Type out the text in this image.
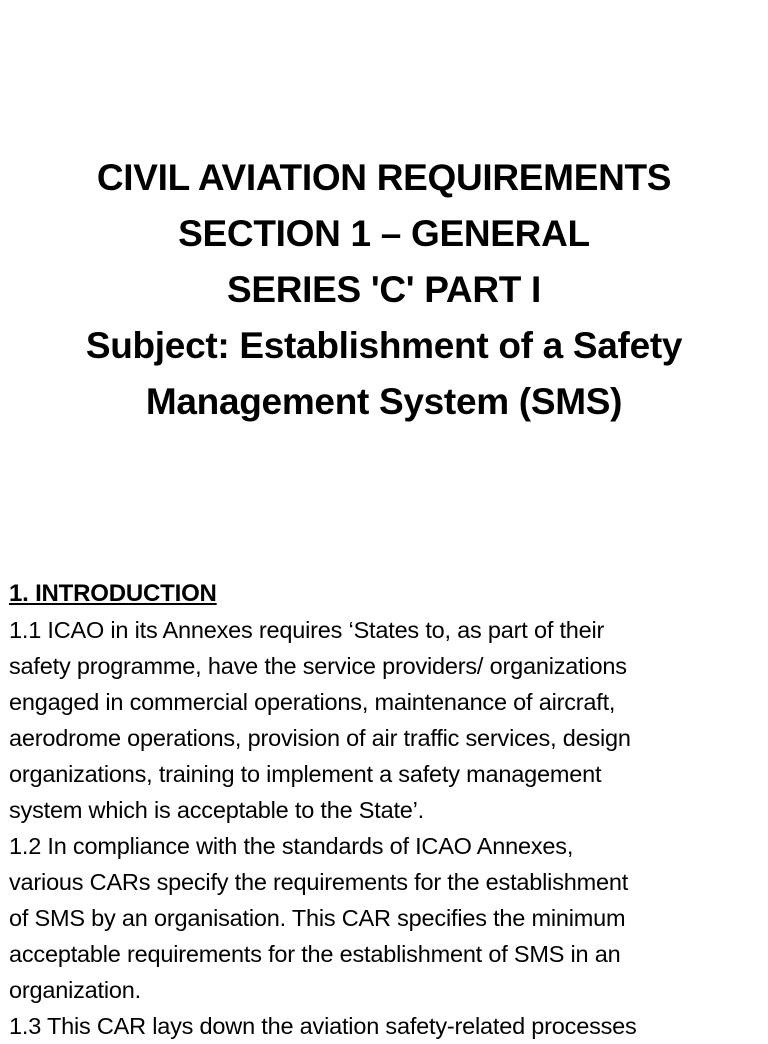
CIVIL AVIATION REQUIREMENTS
SECTION 1 – GENERAL
SERIES 'C' PART I
Subject: Establishment of a Safety
Management System (SMS)
1. INTRODUCTION
1.1 ICAO in its Annexes requires ‘States to, as part of their
safety programme, have the service providers/ organizations
engaged in commercial operations, maintenance of aircraft,
aerodrome operations, provision of air traffic services, design
organizations, training to implement a safety management
system which is acceptable to the State’.
1.2 In compliance with the standards of ICAO Annexes,
various CARs specify the requirements for the establishment
of SMS by an organisation. This CAR specifies the minimum
acceptable requirements for the establishment of SMS in an
organization.
1.3 This CAR lays down the aviation safety-related processes
